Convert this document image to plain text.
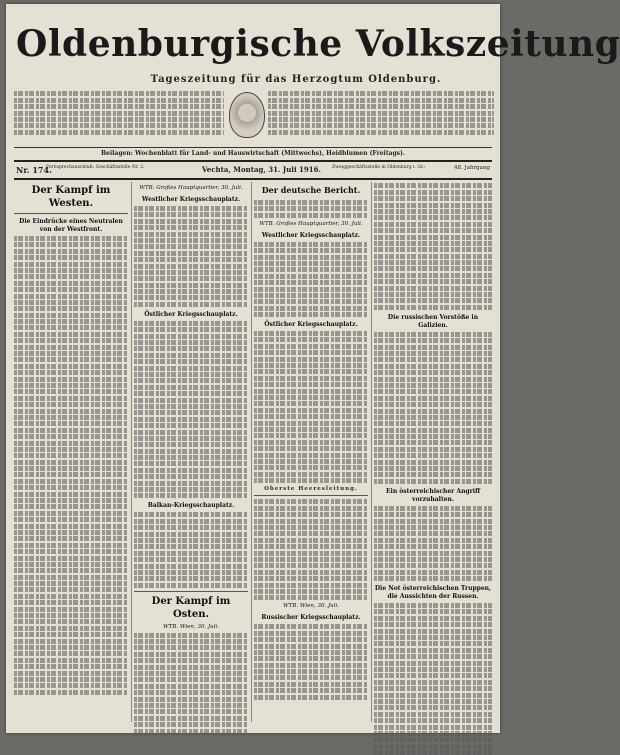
Oldenburgische Volkszeitung
Tageszeitung für das Herzogtum Oldenburg.
Beilagen: Wochenblatt für Land- und Hauswirtschaft (Mittwochs), Heidblumen (Freitags).
Nr. 174.
Fernsprechanschluß: Geschäftsstelle Nr. 2.	Vechta, Montag, 31. Juli 1916. Zweiggeschäftsstelle in Oldenburg i. Gr.:	48. Jahrgang
Der Kampf im Westen.
Die Eindrücke eines Neutralen von der Westfront.
WTB. Großes Hauptquartier, 30. Juli.
Westlicher Kriegsschauplatz.
Östlicher Kriegsschauplatz.
Balkan-Kriegsschauplatz.
Der Kampf im Osten.
WTB. Wien, 30. Juli.
Der deutsche Bericht.
WTB. Großes Hauptquartier, 30. Juli.
Westlicher Kriegsschauplatz.
Östlicher Kriegsschauplatz.
Oberste Heeresleitung.
WTB. Wien, 30. Juli.
Russischer Kriegsschauplatz.
Die russischen Vorstöße in Galizien.
Ein österreichischer Angriff vorzuhalten.
Die Not österreichischen Truppen, die Aussichten der Russen.
